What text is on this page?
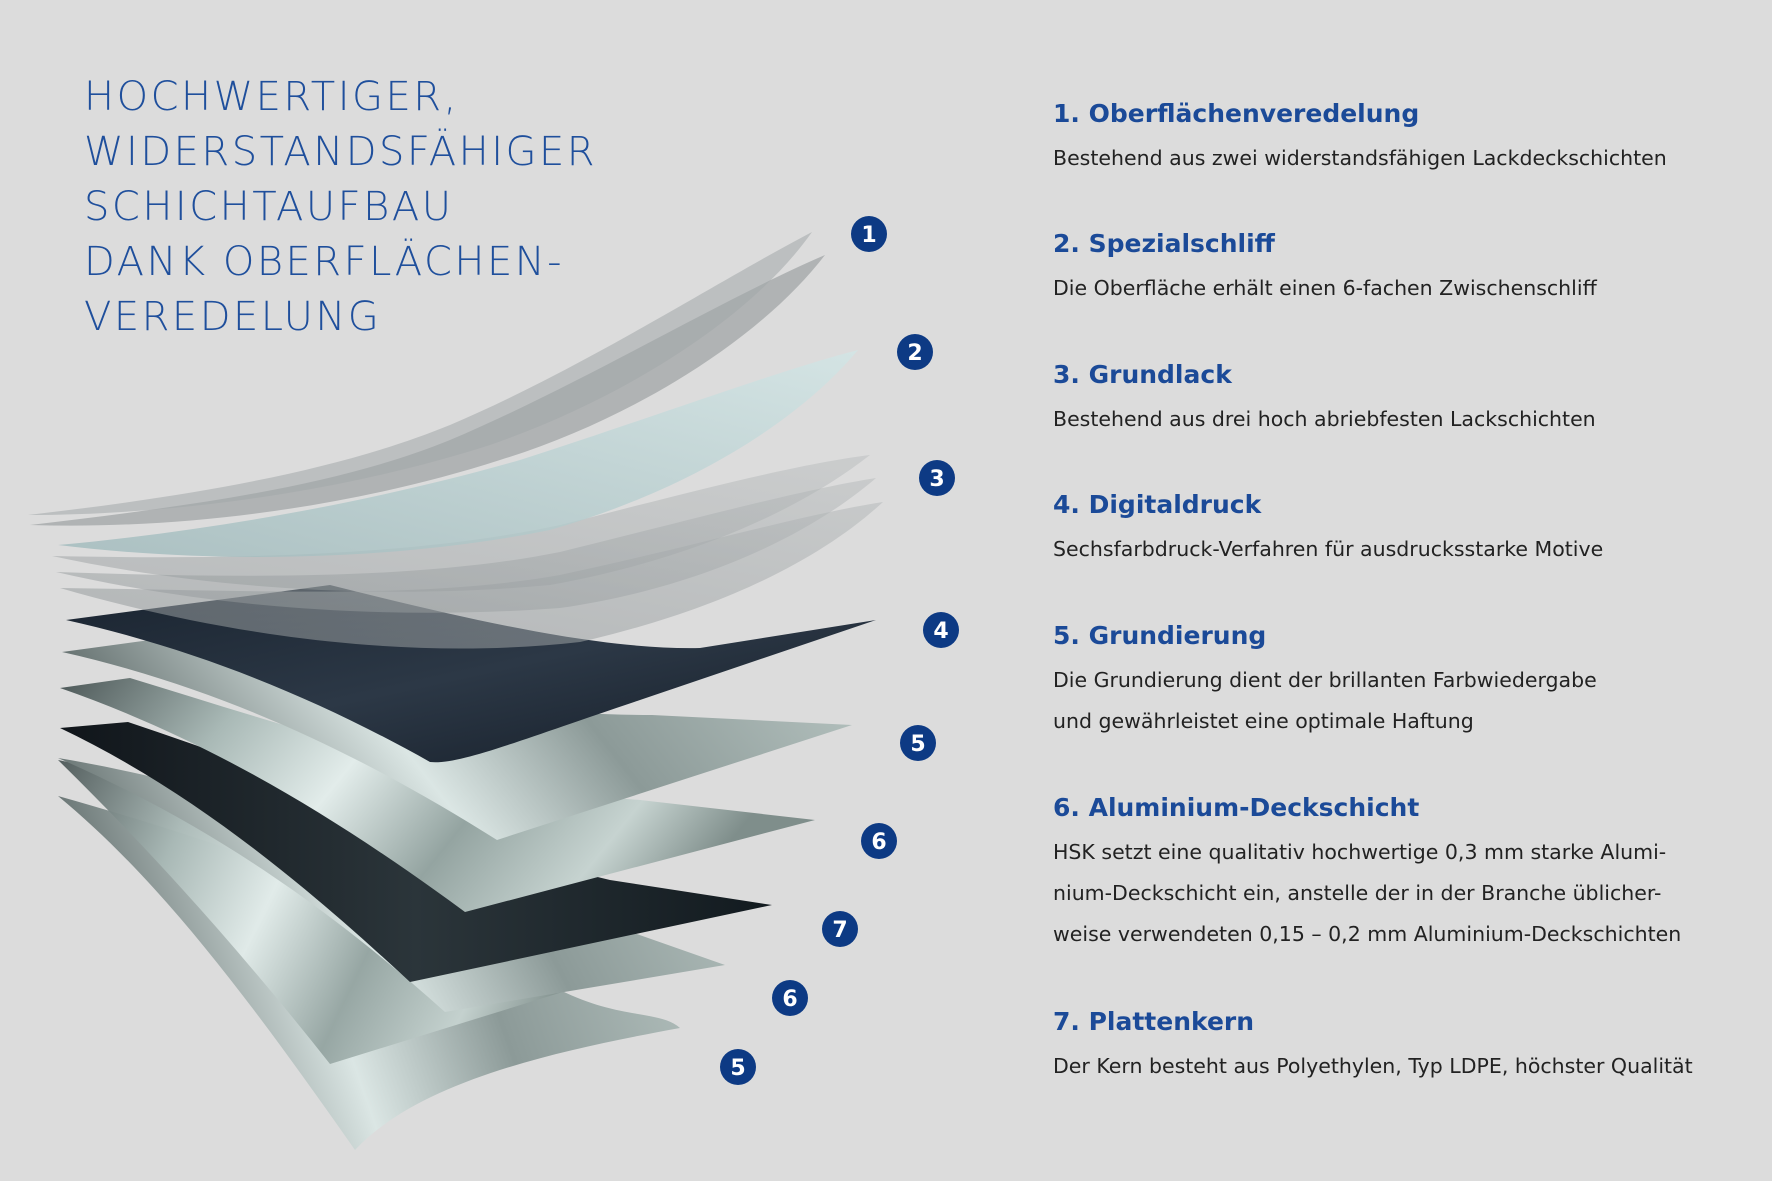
HOCHWERTIGER,
WIDERSTANDSFÄHIGER
SCHICHTAUFBAU
DANK OBERFLÄCHEN-
VEREDELUNG
1
2
3
4
5
6
7
6
5
1. Oberflächenveredelung
Bestehend aus zwei widerstandsfähigen Lackdeckschichten
2. Spezialschliff
Die Oberfläche erhält einen 6-fachen Zwischenschliff
3. Grundlack
Bestehend aus drei hoch abriebfesten Lackschichten
4. Digitaldruck
Sechsfarbdruck-Verfahren für ausdrucksstarke Motive
5. Grundierung
Die Grundierung dient der brillanten Farbwiedergabe
und gewährleistet eine optimale Haftung
6. Aluminium-Deckschicht
HSK setzt eine qualitativ hochwertige 0,3 mm starke Alumi-
nium-Deckschicht ein, anstelle der in der Branche üblicher-
weise verwendeten 0,15 – 0,2 mm Aluminium-Deckschichten
7. Plattenkern
Der Kern besteht aus Polyethylen, Typ LDPE, höchster Qualität
